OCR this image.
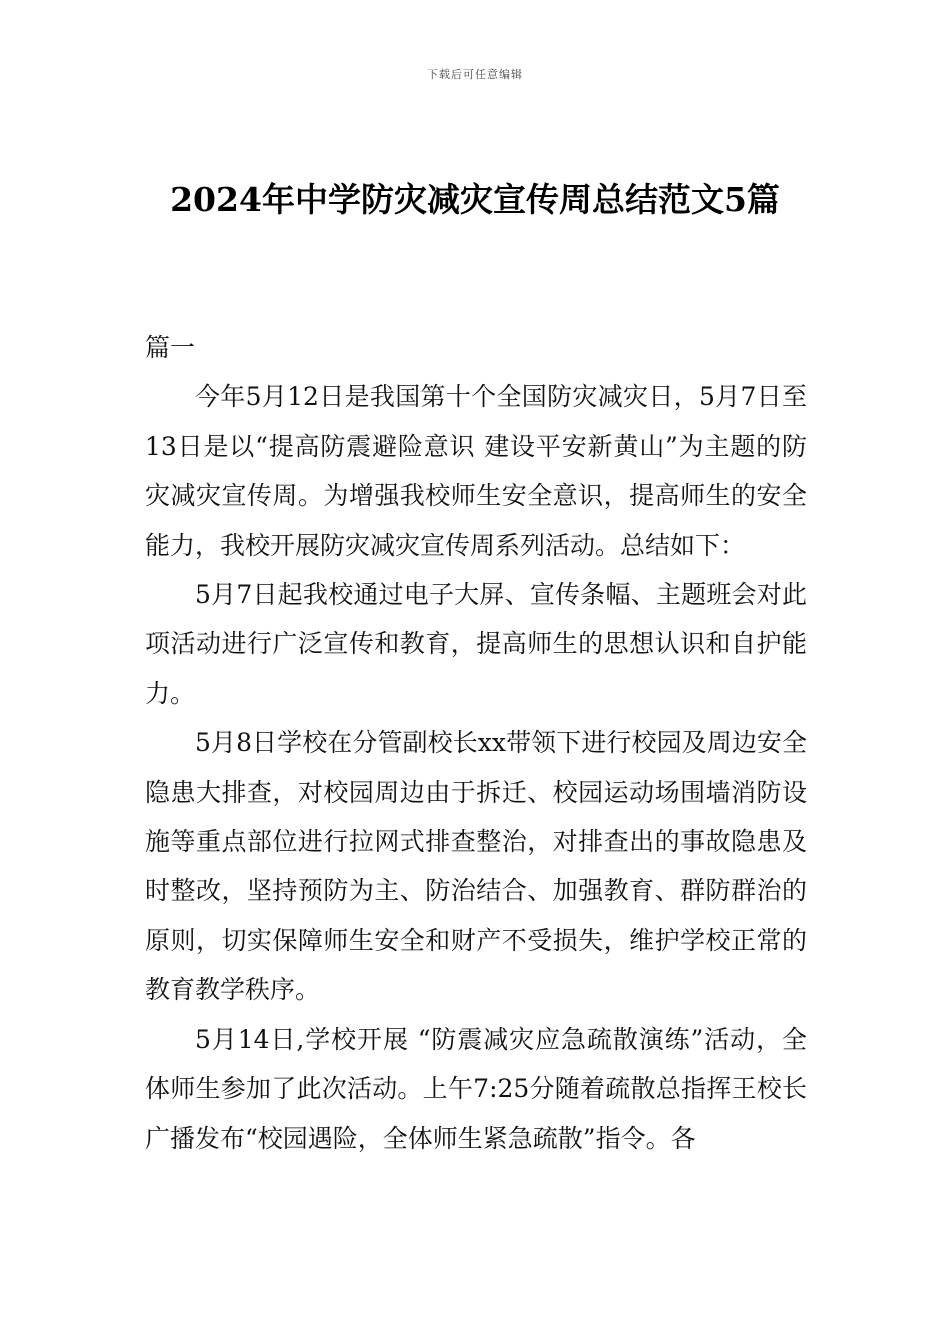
下载后可任意编辑
2024年中学防灾减灾宣传周总结范文5篇

篇一

今年5月12日是我国第十个全国防灾减灾日，5月7日至13日是以“提高防震避险意识 建设平安新黄山”为主题的防灾减灾宣传周。为增强我校师生安全意识，提高师生的安全能力，我校开展防灾减灾宣传周系列活动。总结如下：

5月7日起我校通过电子大屏、宣传条幅、主题班会对此项活动进行广泛宣传和教育，提高师生的思想认识和自护能力。

5月8日学校在分管副校长xx带领下进行校园及周边安全隐患大排查，对校园周边由于拆迁、校园运动场围墙消防设施等重点部位进行拉网式排查整治，对排查出的事故隐患及时整改，坚持预防为主、防治结合、加强教育、群防群治的原则，切实保障师生安全和财产不受损失，维护学校正常的教育教学秩序。

5月14日,学校开展 “防震减灾应急疏散演练”活动，全体师生参加了此次活动。上午7:25分随着疏散总指挥王校长广播发布“校园遇险，全体师生紧急疏散”指令。各
